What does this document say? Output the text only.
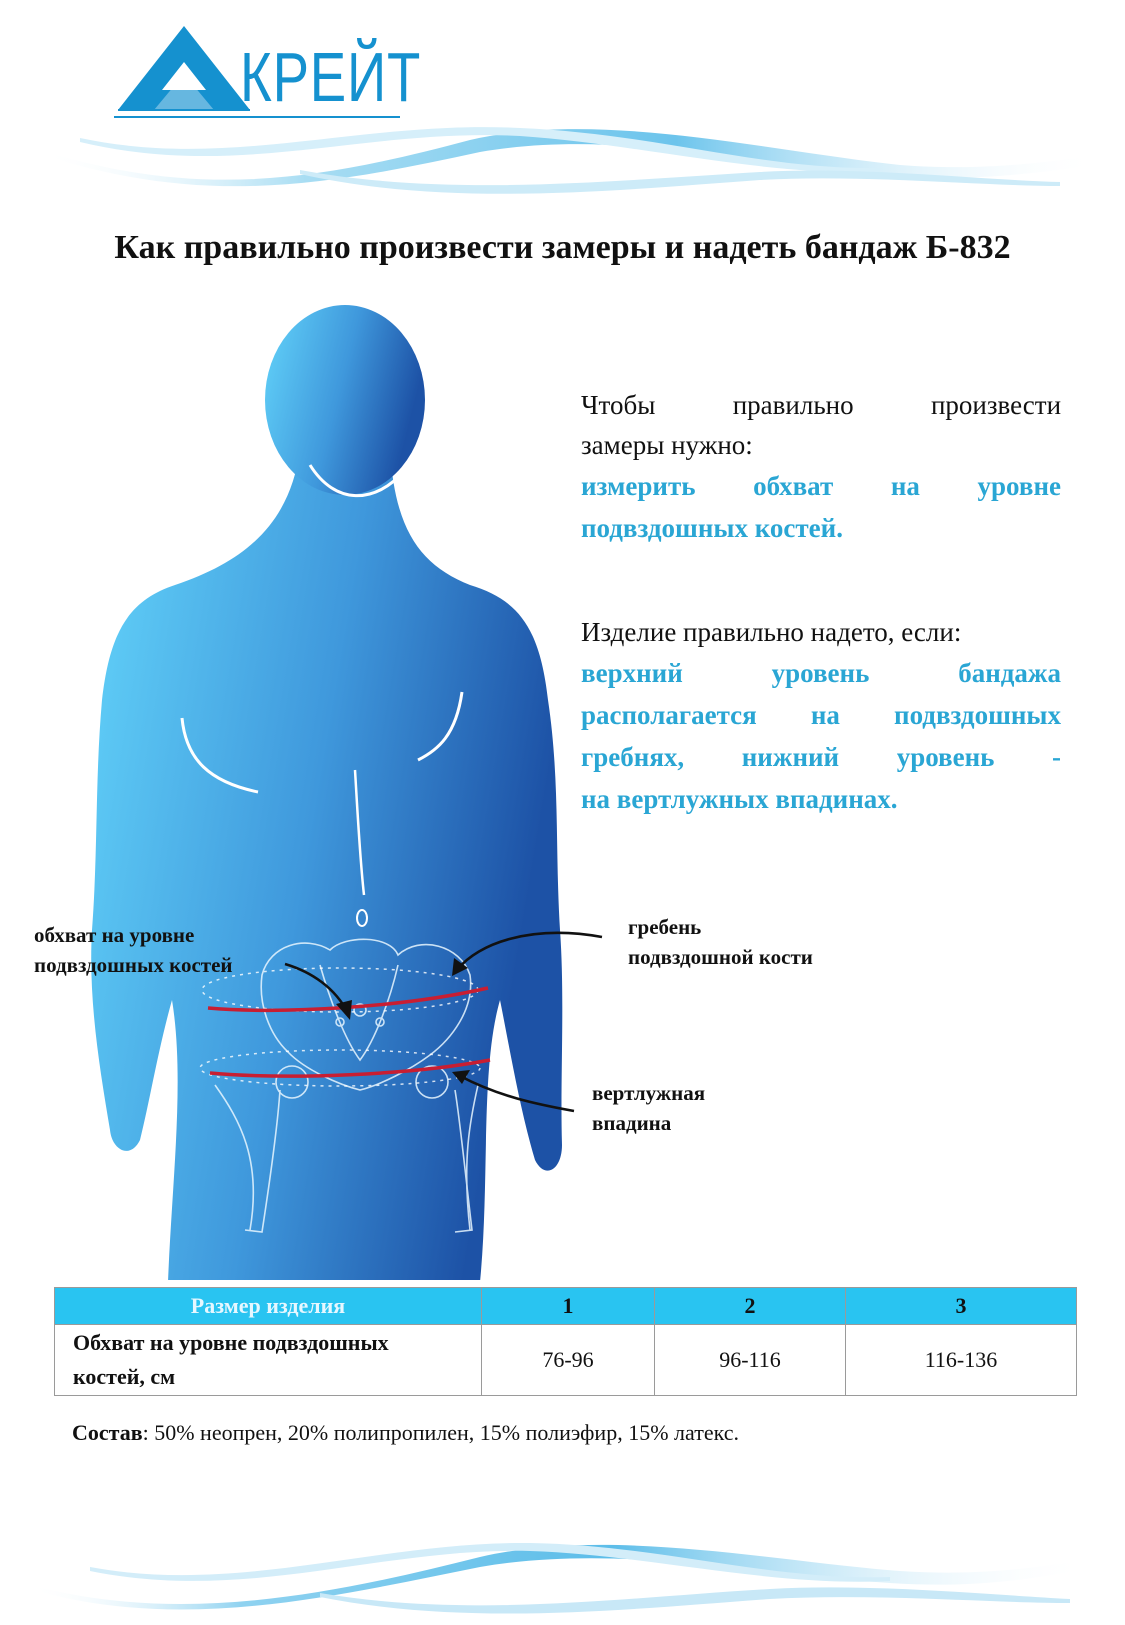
КРЕЙТ
Как правильно произвести замеры и надеть бандаж Б-832
обхват на уровне
подвздошных костей
гребень
подвздошной кости
вертлужная
впадина
Чтобы	правильно	произвести
замеры нужно:
измерить обхват на уровне
подвздошных костей.
Изделие правильно надето, если:
верхний	уровень	бандажа
располагается на подвздошных
гребнях, нижний уровень -
на вертлужных впадинах.
Размер изделия	1	2	3

Обхват на уровне подвздошных
костей, см	76-96	96-116	116-136
Состав: 50% неопрен, 20% полипропилен, 15% полиэфир, 15% латекс.
